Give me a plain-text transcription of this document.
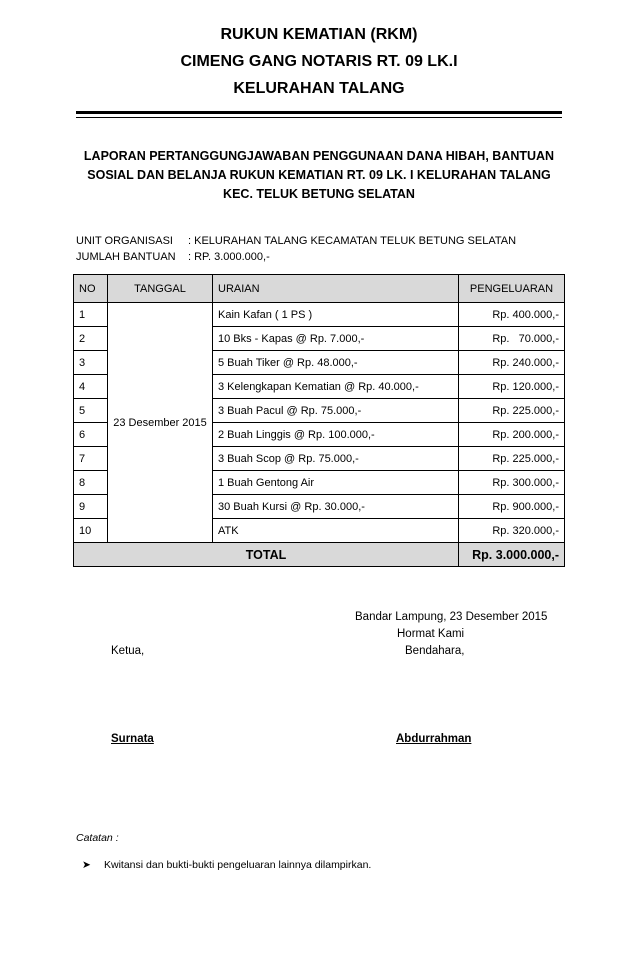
RUKUN KEMATIAN (RKM)
CIMENG GANG NOTARIS RT. 09 LK.I
KELURAHAN TALANG
LAPORAN PERTANGGUNGJAWABAN PENGGUNAAN DANA HIBAH, BANTUAN
SOSIAL DAN BELANJA RUKUN KEMATIAN RT. 09 LK. I KELURAHAN TALANG
KEC. TELUK BETUNG SELATAN
UNIT ORGANISASI : KELURAHAN TALANG KECAMATAN TELUK BETUNG SELATAN
JUMLAH BANTUAN : RP. 3.000.000,-
NO	TANGGAL	URAIAN	PENGELUARAN
1	23 Desember 2015	Kain Kafan ( 1 PS )	Rp. 400.000,-
2		10 Bks - Kapas @ Rp. 7.000,-	Rp.   70.000,-
3		5 Buah Tiker @ Rp. 48.000,-	Rp. 240.000,-
4		3 Kelengkapan Kematian @ Rp. 40.000,-	Rp. 120.000,-
5		3 Buah Pacul @ Rp. 75.000,-	Rp. 225.000,-
6		2 Buah Linggis @ Rp. 100.000,-	Rp. 200.000,-
7		3 Buah Scop @ Rp. 75.000,-	Rp. 225.000,-
8		1 Buah Gentong Air	Rp. 300.000,-
9		30 Buah Kursi @ Rp. 30.000,-	Rp. 900.000,-
10		ATK	Rp. 320.000,-
TOTAL			Rp. 3.000.000,-
Bandar Lampung, 23 Desember 2015
Hormat Kami
Ketua,	Bendahara,
Surnata	Abdurrahman
Catatan :
➤ Kwitansi dan bukti-bukti pengeluaran lainnya dilampirkan.
